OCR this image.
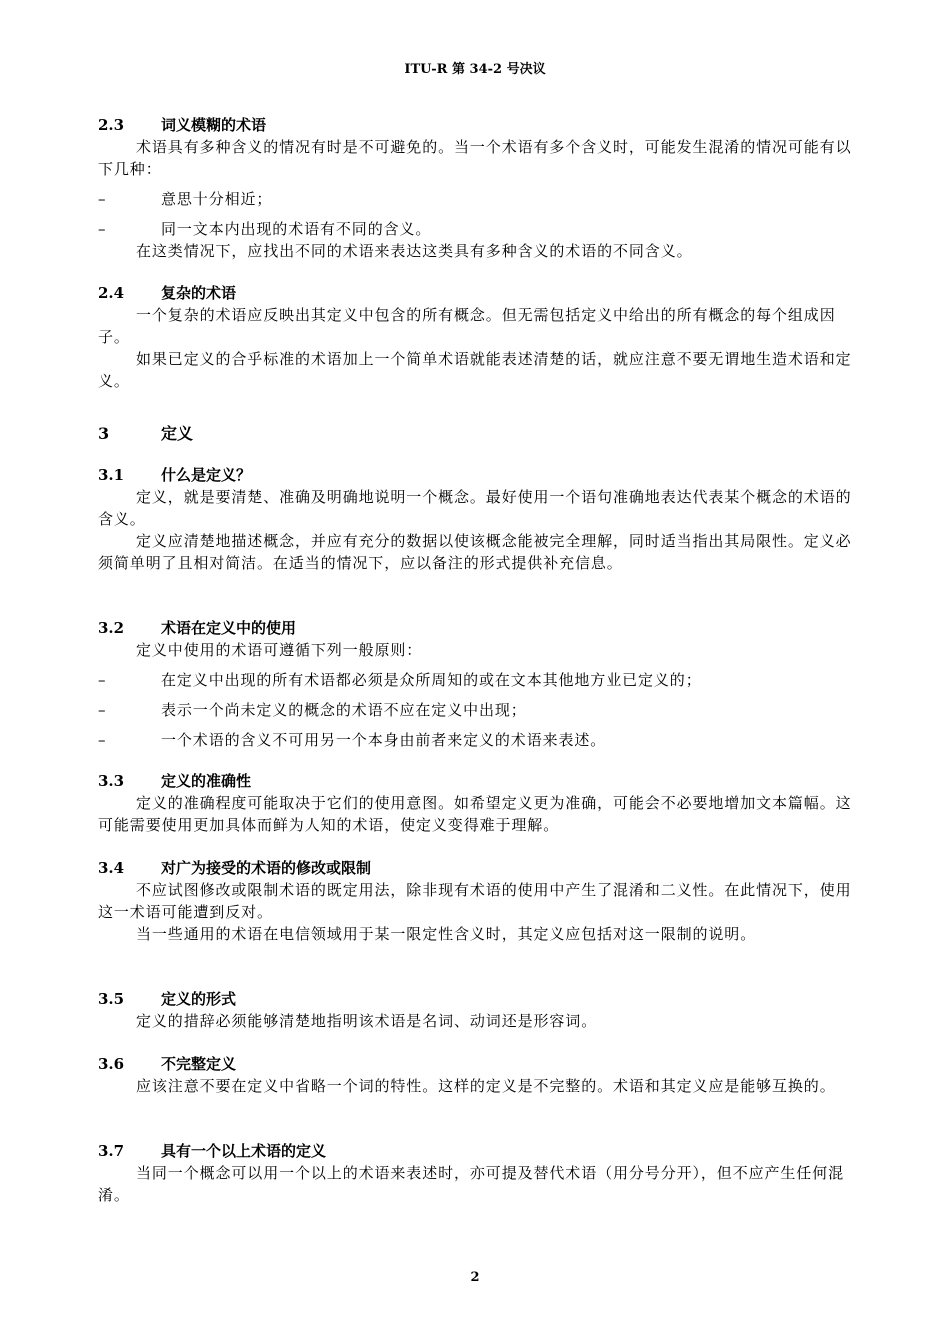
ITU-R 第 34-2 号决议
2.3 词义模糊的术语
术语具有多种含义的情况有时是不可避免的。当一个术语有多个含义时，可能发生混淆的情况可能有以下几种：
–	意思十分相近；
–	同一文本内出现的术语有不同的含义。
在这类情况下，应找出不同的术语来表达这类具有多种含义的术语的不同含义。
2.4 复杂的术语
一个复杂的术语应反映出其定义中包含的所有概念。但无需包括定义中给出的所有概念的每个组成因子。
如果已定义的合乎标准的术语加上一个简单术语就能表述清楚的话，就应注意不要无谓地生造术语和定义。
3	定义
3.1 什么是定义？
定义，就是要清楚、准确及明确地说明一个概念。最好使用一个语句准确地表达代表某个概念的术语的含义。
定义应清楚地描述概念，并应有充分的数据以使该概念能被完全理解，同时适当指出其局限性。定义必须简单明了且相对简洁。在适当的情况下，应以备注的形式提供补充信息。
3.2 术语在定义中的使用
定义中使用的术语可遵循下列一般原则：
–	在定义中出现的所有术语都必须是众所周知的或在文本其他地方业已定义的；
–	表示一个尚未定义的概念的术语不应在定义中出现；
–	一个术语的含义不可用另一个本身由前者来定义的术语来表述。
3.3 定义的准确性
定义的准确程度可能取决于它们的使用意图。如希望定义更为准确，可能会不必要地增加文本篇幅。这可能需要使用更加具体而鲜为人知的术语，使定义变得难于理解。
3.4 对广为接受的术语的修改或限制
不应试图修改或限制术语的既定用法，除非现有术语的使用中产生了混淆和二义性。在此情况下，使用这一术语可能遭到反对。
当一些通用的术语在电信领域用于某一限定性含义时，其定义应包括对这一限制的说明。
3.5 定义的形式
定义的措辞必须能够清楚地指明该术语是名词、动词还是形容词。
3.6 不完整定义
应该注意不要在定义中省略一个词的特性。这样的定义是不完整的。术语和其定义应是能够互换的。
3.7 具有一个以上术语的定义
当同一个概念可以用一个以上的术语来表述时，亦可提及替代术语（用分号分开），但不应产生任何混淆。
2
